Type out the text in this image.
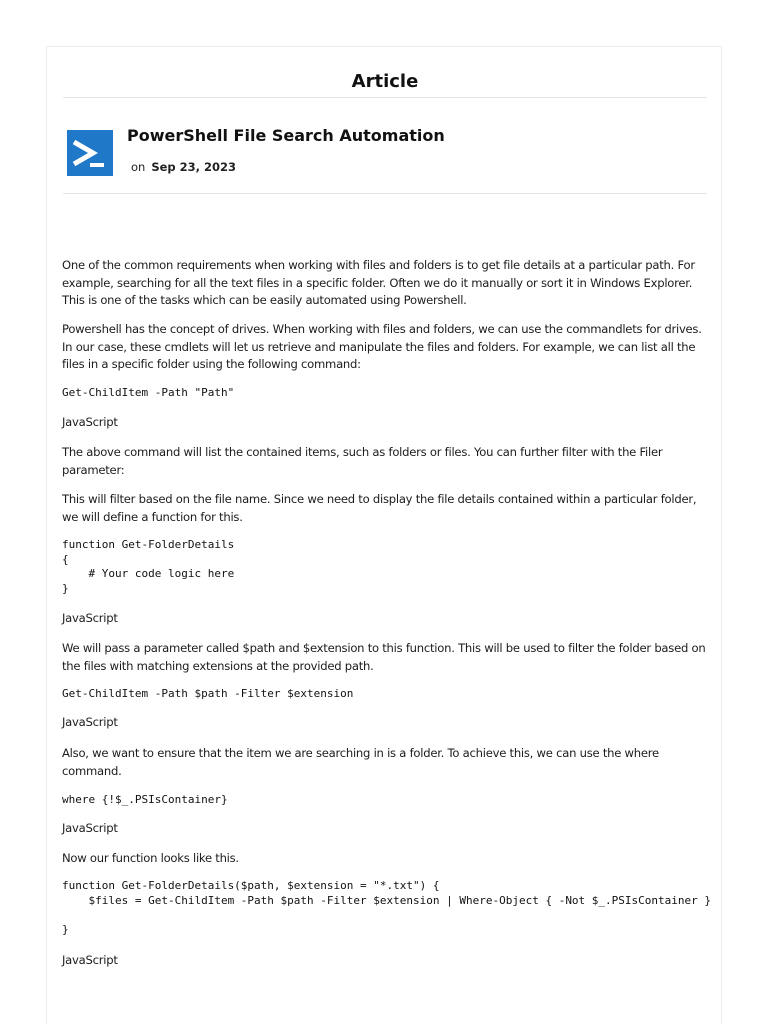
Article
PowerShell File Search Automation
on Sep 23, 2023
One of the common requirements when working with files and folders is to get file details at a particular path. For example, searching for all the text files in a specific folder. Often we do it manually or sort it in Windows Explorer. This is one of the tasks which can be easily automated using Powershell.
Powershell has the concept of drives. When working with files and folders, we can use the commandlets for drives. In our case, these cmdlets will let us retrieve and manipulate the files and folders. For example, we can list all the files in a specific folder using the following command:
Get-ChildItem -Path "Path"
JavaScript
The above command will list the contained items, such as folders or files. You can further filter with the Filer parameter:
This will filter based on the file name. Since we need to display the file details contained within a particular folder, we will define a function for this.
function Get-FolderDetails
{
# Your code logic here
}
JavaScript
We will pass a parameter called $path and $extension to this function. This will be used to filter the folder based on the files with matching extensions at the provided path.
Get-ChildItem -Path $path -Filter $extension
JavaScript
Also, we want to ensure that the item we are searching in is a folder. To achieve this, we can use the where command.
where {!$_.PSIsContainer}
JavaScript
Now our function looks like this.
function Get-FolderDetails($path, $extension = "*.txt") {
$files = Get-ChildItem -Path $path -Filter $extension | Where-Object { -Not $_.PSIsContainer }

}
JavaScript
